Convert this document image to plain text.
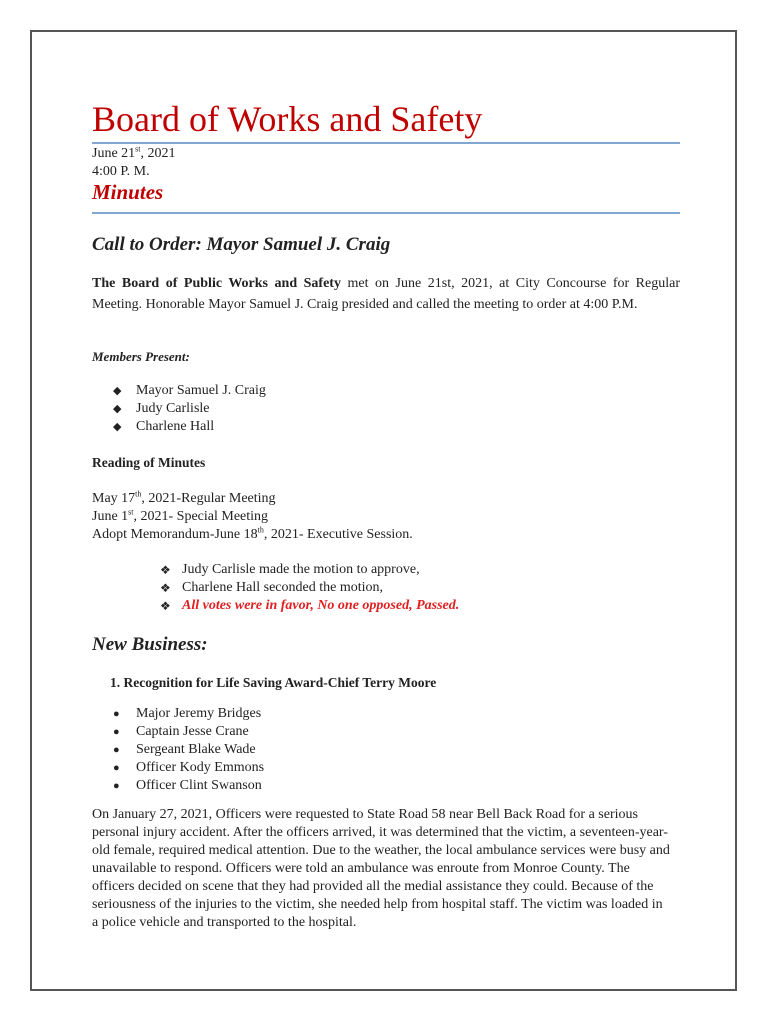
Board of Works and Safety
June 21st, 2021
4:00 P. M.
Minutes
Call to Order: Mayor Samuel J. Craig
The Board of Public Works and Safety met on June 21st, 2021, at City Concourse for Regular Meeting. Honorable Mayor Samuel J. Craig presided and called the meeting to order at 4:00 P.M.
Members Present:
◆ Mayor Samuel J. Craig
◆ Judy Carlisle
◆ Charlene Hall
Reading of Minutes
May 17th, 2021-Regular Meeting
June 1st, 2021- Special Meeting
Adopt Memorandum-June 18th, 2021- Executive Session.
❖ Judy Carlisle made the motion to approve,
❖ Charlene Hall seconded the motion,
❖ All votes were in favor, No one opposed, Passed.
New Business:
1. Recognition for Life Saving Award-Chief Terry Moore
● Major Jeremy Bridges
● Captain Jesse Crane
● Sergeant Blake Wade
● Officer Kody Emmons
● Officer Clint Swanson
On January 27, 2021, Officers were requested to State Road 58 near Bell Back Road for a serious personal injury accident. After the officers arrived, it was determined that the victim, a seventeen-year-old female, required medical attention. Due to the weather, the local ambulance services were busy and unavailable to respond. Officers were told an ambulance was enroute from Monroe County. The officers decided on scene that they had provided all the medial assistance they could. Because of the seriousness of the injuries to the victim, she needed help from hospital staff. The victim was loaded in a police vehicle and transported to the hospital.
